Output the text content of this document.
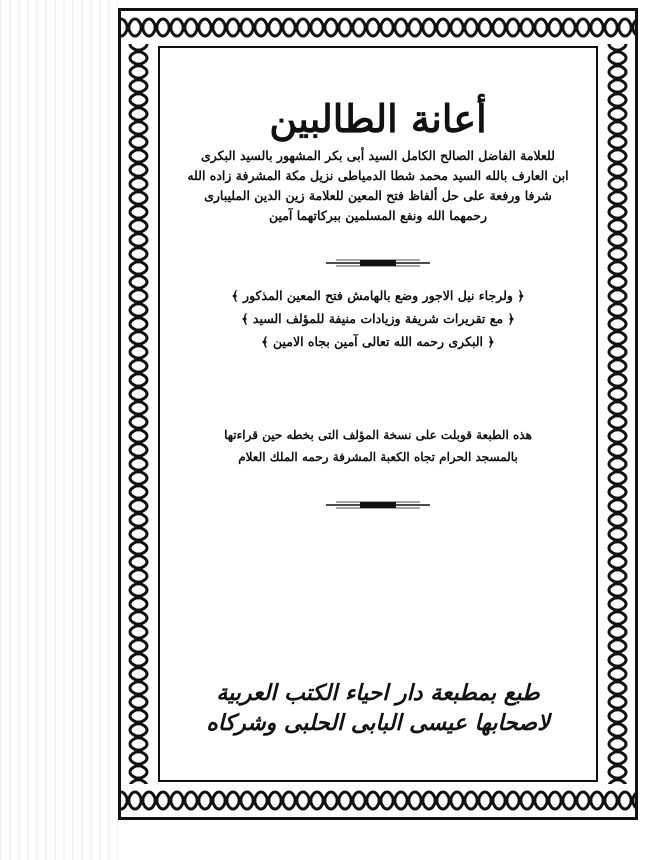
أعانة الطالبين
للعلامة الفاضل الصالح الكامل السيد أبى بكر المشهور بالسيد البكرى
ابن العارف بالله السيد محمد شطا الدمياطى نزيل مكة المشرفة زاده الله
شرفا ورفعة على حل ألفاظ فتح المعين للعلامة زين الدين المليبارى
رحمهما الله ونفع المسلمين ببركاتهما آمين
﴿ ولرجاء نيل الاجور وضع بالهامش فتح المعين المذكور ﴾
﴿ مع تقريرات شريفة وزيادات منيفة للمؤلف السيد ﴾
﴿ البكرى رحمه الله تعالى آمين بجاه الامين ﴾
هذه الطبعة قوبلت على نسخة المؤلف التى بخطه حين قراءتها
بالمسجد الحرام تجاه الكعبة المشرفة رحمه الملك العلام
طبع بمطبعة دار احياء الكتب العربية
لاصحابها عيسى البابى الحلبى وشركاه
